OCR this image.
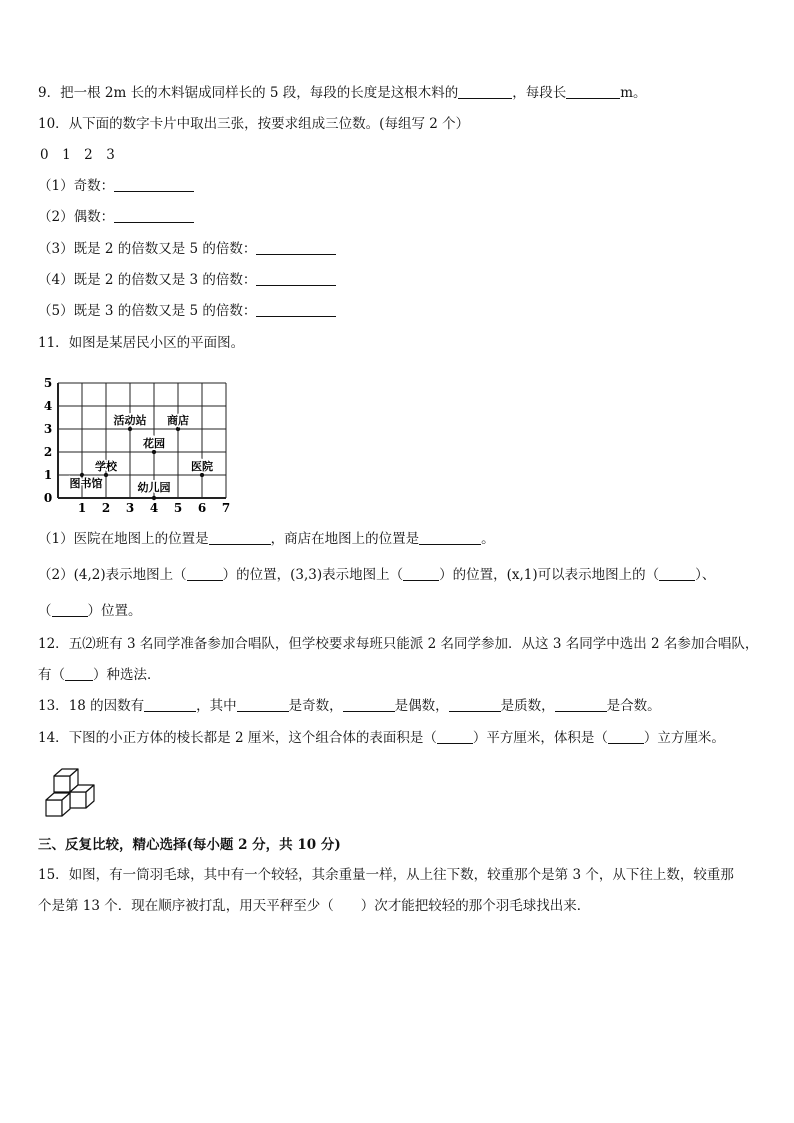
9．把一根 2m 长的木料锯成同样长的 5 段，每段的长度是这根木料的	，每段长	m。
10．从下面的数字卡片中取出三张，按要求组成三位数。(每组写 2 个）
0　1　2　3
（1）奇数：
（2）偶数：
（3）既是 2 的倍数又是 5 的倍数：
（4）既是 2 的倍数又是 3 的倍数：
（5）既是 3 的倍数又是 5 的倍数：
11．如图是某居民小区的平面图。
1 2 3 4 5 6 7
0
1
2
3
4
5
活动站 商店
花园
学校	医院
图书馆	幼儿园
（1）医院在地图上的位置是	，商店在地图上的位置是	。
（2）(4,2)表示地图上（	）的位置，(3,3)表示地图上（	）的位置，(x,1)可以表示地图上的（	）、
（	）位置。
12．五⑵班有 3 名同学准备参加合唱队，但学校要求每班只能派 2 名同学参加．从这 3 名同学中选出 2 名参加合唱队，
有（ ）种选法．
13．18 的因数有	，其中	是奇数，	是偶数，	是质数，	是合数。
14．下图的小正方体的棱长都是 2 厘米，这个组合体的表面积是（	）平方厘米，体积是（	）立方厘米。
三、反复比较，精心选择(每小题 2 分，共 10 分)
15．如图，有一筒羽毛球，其中有一个较轻，其余重量一样，从上往下数，较重那个是第 3 个，从下往上数，较重那
个是第 13 个．现在顺序被打乱，用天平秤至少（　　）次才能把较轻的那个羽毛球找出来．
